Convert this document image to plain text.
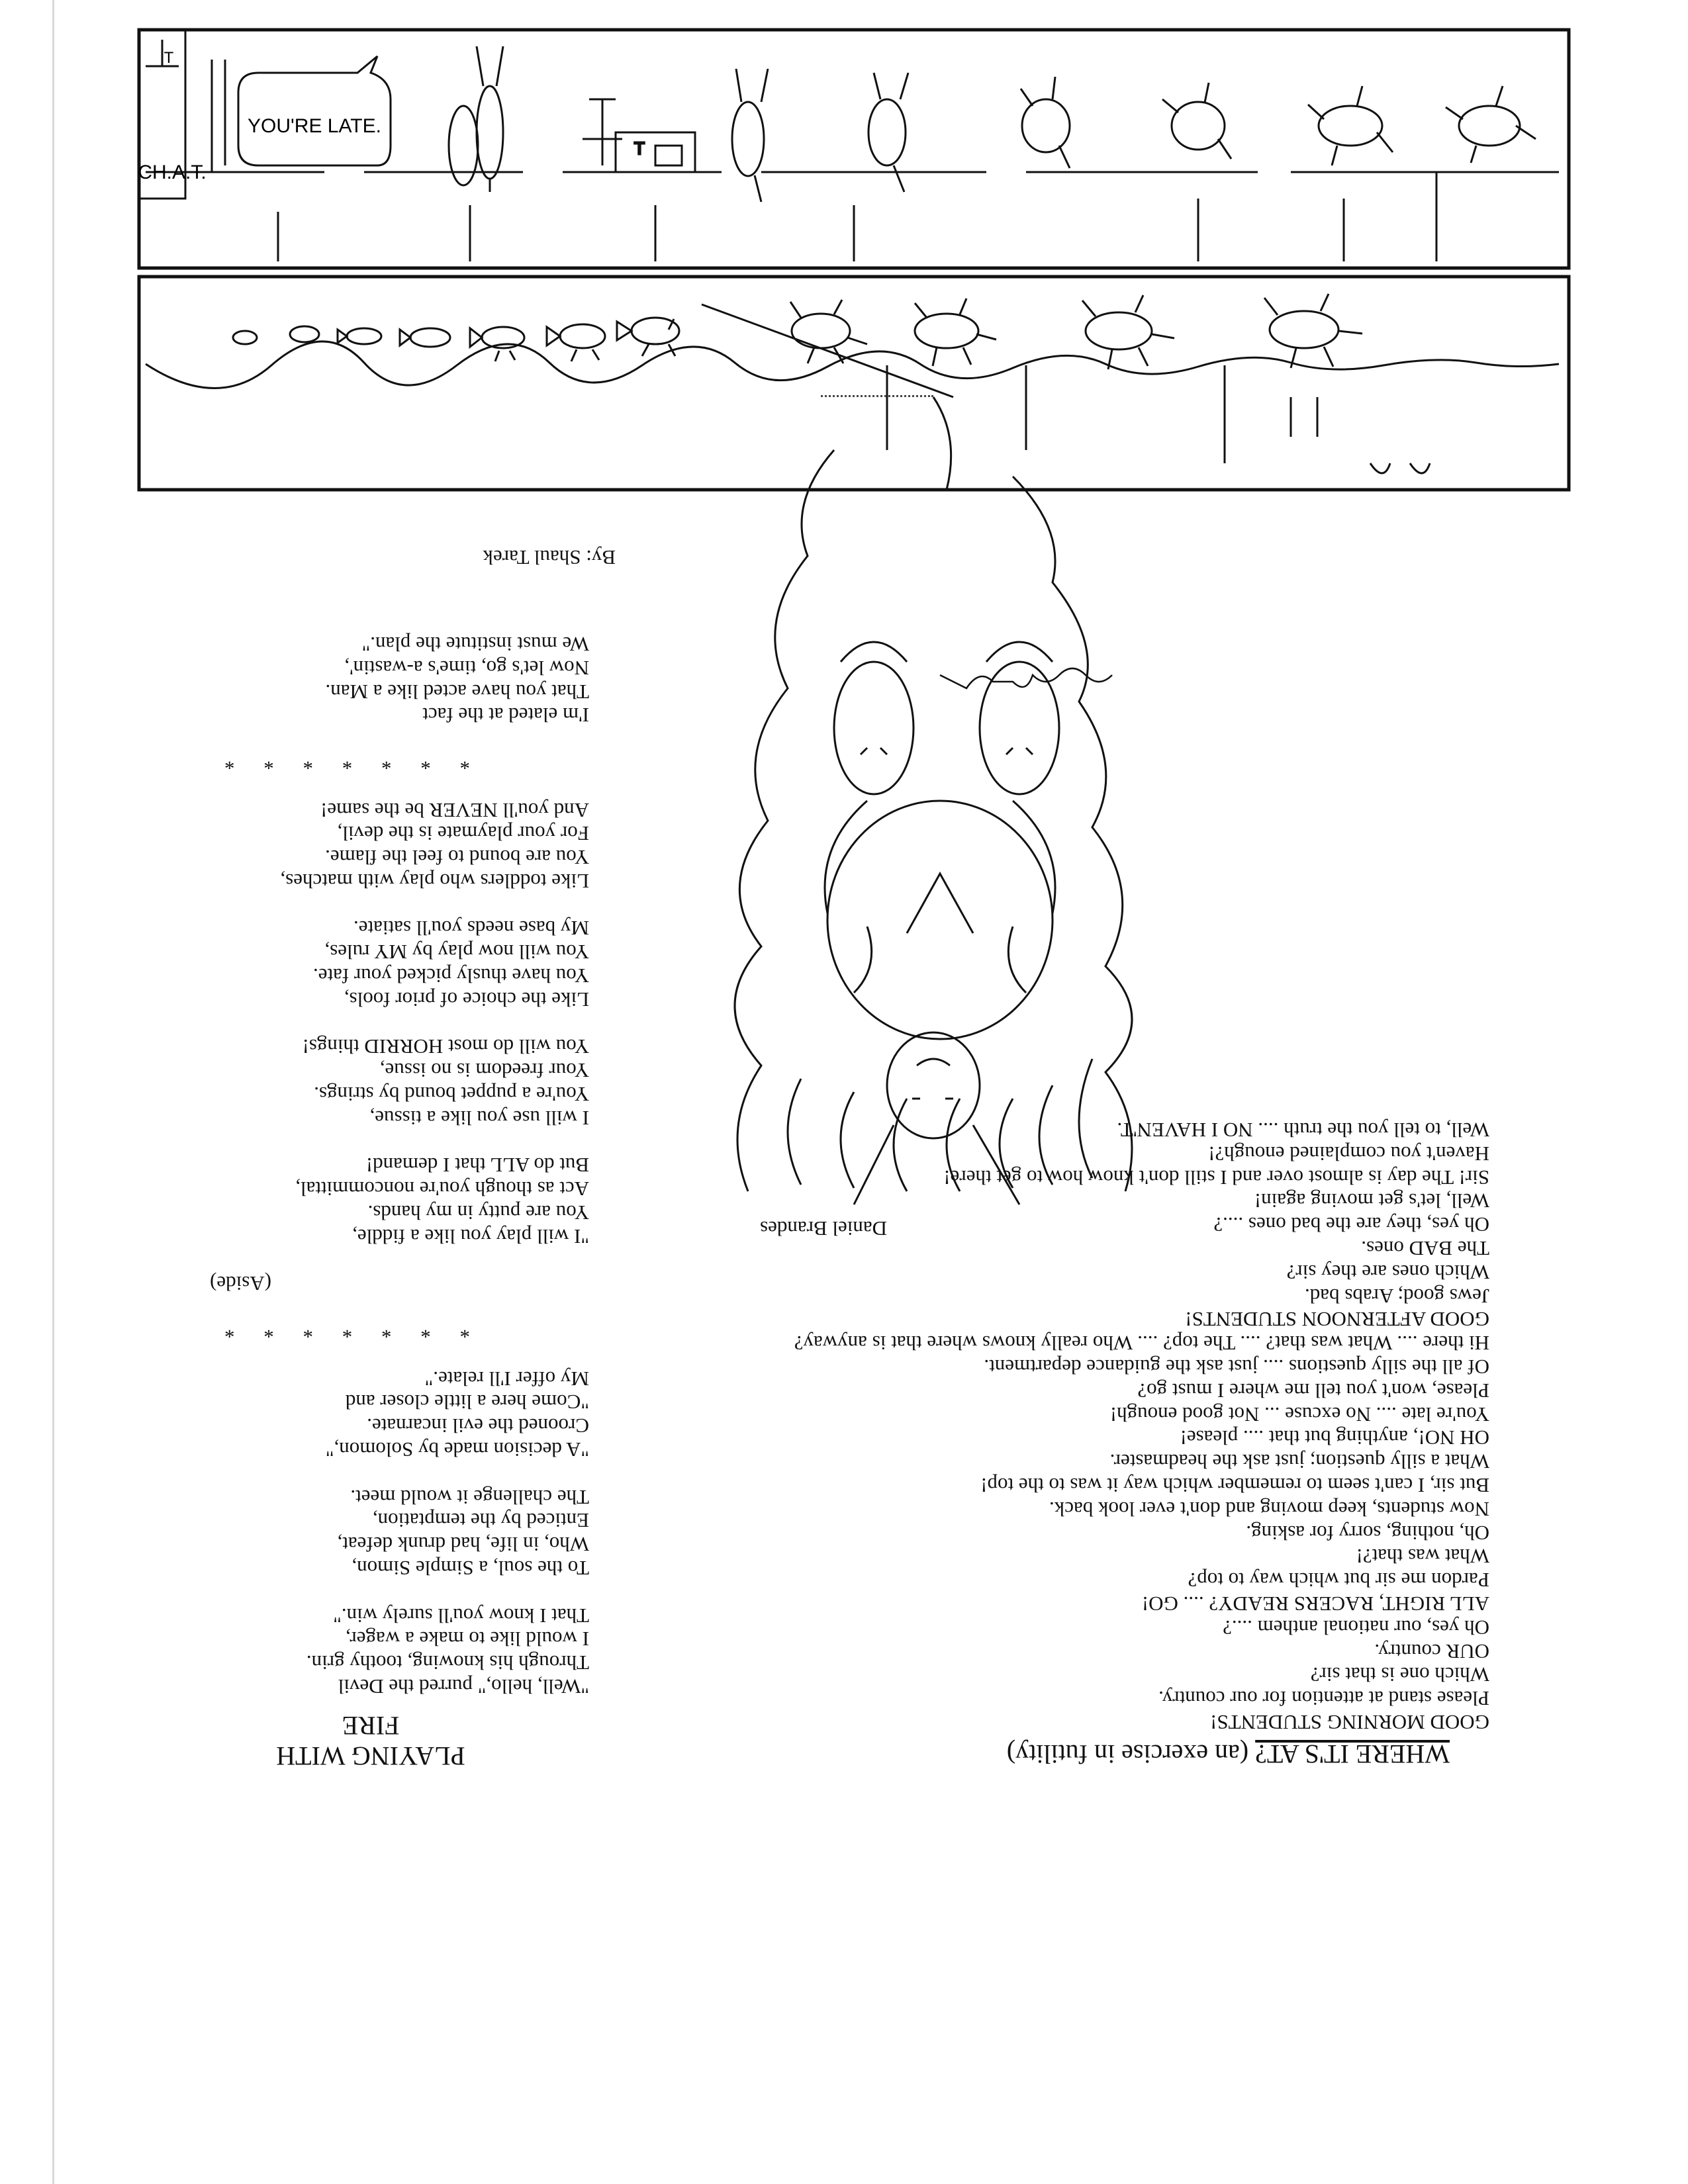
T
YOU'RE LATE.
CH.A.T.
T
WHERE IT'S AT? (an exercise in futility)
GOOD MORNING STUDENTS!
Please stand at attention for our country.
Which one is that sir?
OUR country.
Oh yes, our national anthem ....?
ALL RIGHT, RACERS READY? .... GO!
Pardon me sir but which way to top?
What was that?!
Oh, nothing, sorry for asking.
Now students, keep moving and don't ever look back.
But sir, I can't seem to remember which way it was to the top!
What a silly question; just ask the headmaster.
OH NO!, anything but that .... please!
You're late .... No excuse ... Not good enough!
Please, won't you tell me where I must go?
Of all the silly questions .... just ask the guidance department.
Hi there .... What was that? .... The top? .... Who really knows where that is anyway?
GOOD AFTERNOON STUDENTS!
Jews good; Arabs bad.
Which ones are they sir?
The BAD ones.
Oh yes, they are the bad ones ....?
Well, let's get moving again!
Sir! The day is almost over and I still don't know how to get there!
Haven't you complained enough?!
Well, to tell you the truth .... NO I HAVEN'T.
Daniel Brandes
PLAYING WITH
FIRE
"Well, hello," purred the Devil
Through his knowing, toothy grin.
I would like to make a wager,
That I know you'll surely win."
To the soul, a Simple Simon,
Who, in life, had drunk defeat,
Enticed by the temptation,
The challenge it would meet.
"A decision made by Solomon,"
Crooned the evil incarnate.
"Come here a little closer and
My offer I'll relate."
* * * * * * *
(Aside)
"I will play you like a fiddle,
You are putty in my hands.
Act as though you're noncommittal,
But do ALL that I demand!
I will use you like a tissue,
You're a puppet bound by strings.
Your freedom is no issue,
You will do most HORRID things!
Like the choice of prior fools,
You have thusly picked your fate.
You will now play by MY rules,
My base needs you'll satiate.
Like toddlers who play with matches,
You are bound to feel the flame.
For your playmate is the devil,
And you'll NEVER be the same!
* * * * * * *
I'm elated at the fact
That you have acted like a Man.
Now let's go, time's a-wastin',
We must institute the plan."
By: Shaul Tarek
